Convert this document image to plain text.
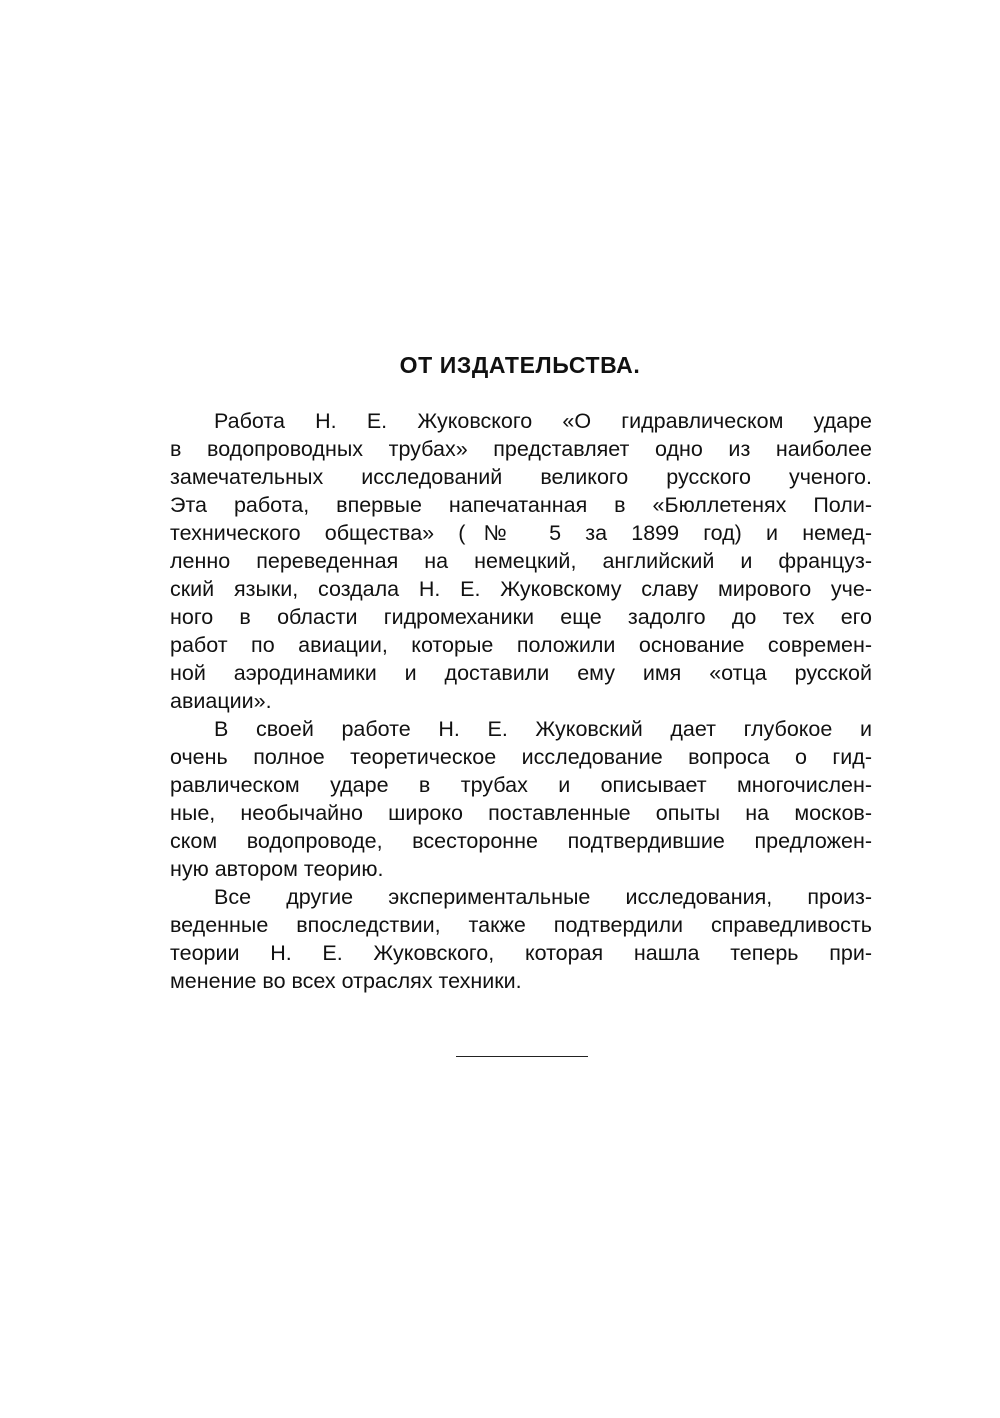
ОТ ИЗДАТЕЛЬСТВА.
Работа Н. Е. Жуковского «О гидравлическом ударе
в водопроводных трубах» представляет одно из наиболее
замечательных исследований великого русского ученого.
Эта работа, впервые напечатанная в «Бюллетенях Поли-
технического общества» (№ 5 за 1899 год) и немед-
ленно переведенная на немецкий, английский и француз-
ский языки, создала Н. Е. Жуковскому славу мирового уче-
ного в области гидромеханики еще задолго до тех его
работ по авиации, которые положили основание современ-
ной аэродинамики и доставили ему имя «отца русской
авиации».
В своей работе Н. Е. Жуковский дает глубокое и
очень полное теоретическое исследование вопроса о гид-
равлическом ударе в трубах и описывает многочислен-
ные, необычайно широко поставленные опыты на москов-
ском водопроводе, всесторонне подтвердившие предложен-
ную автором теорию.
Все другие экспериментальные исследования, произ-
веденные впоследствии, также подтвердили справедливость
теории Н. Е. Жуковского, которая нашла теперь при-
менение во всех отраслях техники.
